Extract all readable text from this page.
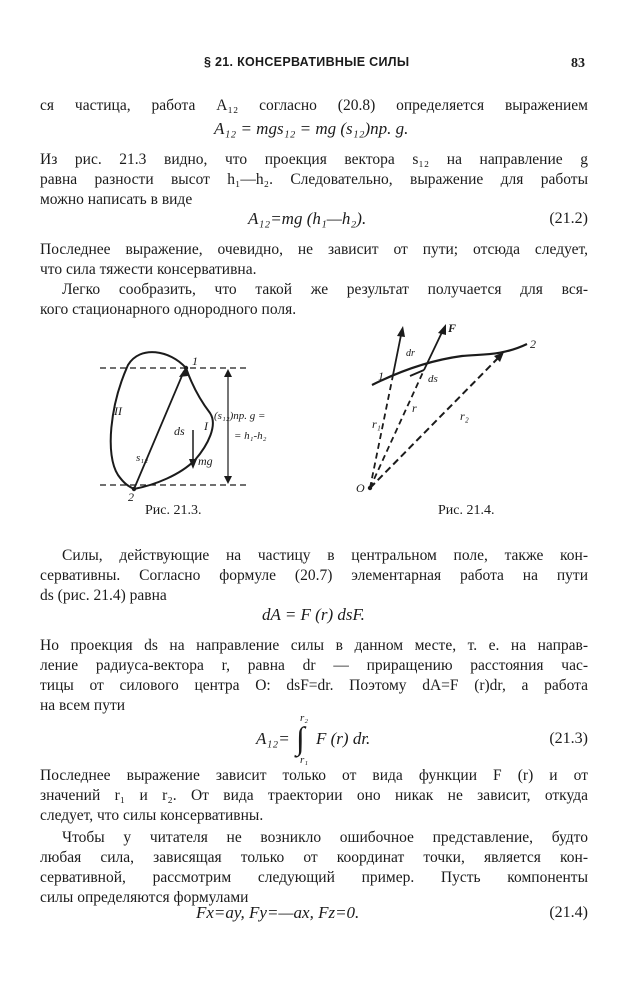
§ 21. КОНСЕРВАТИВНЫЕ СИЛЫ	83
ся частица, работа A₁₂ согласно (20.8) определяется выражением
A₁₂ = mgs₁₂ = mg (s₁₂)пр. g.
Из рис. 21.3 видно, что проекция вектора s₁₂ на направление g
равна разности высот h₁—h₂. Следовательно, выражение для работы
можно написать в виде
A₁₂=mg (h₁—h₂).	(21.2)
Последнее выражение, очевидно, не зависит от пути; отсюда следует,
что сила тяжести консервативна.
Легко сообразить, что такой же результат получается для вся-
кого стационарного однородного поля.
1
2
II
I
ds
s₁₂	mg
(s₁₂)пр. g =
= h₁-h₂
Рис. 21.3.
F
dr
ds
r
r₁
r₂
O
1
2
Рис. 21.4.
Силы, действующие на частицу в центральном поле, также кон-
сервативны. Согласно формуле (20.7) элементарная работа на пути
ds (рис. 21.4) равна
dA = F (r) dsF.
Но проекция ds на направление силы в данном месте, т. е. на направ-
ление радиуса-вектора r, равна dr — приращению расстояния час-
тицы от силового центра O: dsF=dr. Поэтому dA=F (r)dr, а работа
на всем пути
A₁₂=
r₂
∫
r₁
F (r) dr.	(21.3)
Последнее выражение зависит только от вида функции F (r) и от
значений r₁ и r₂. От вида траектории оно никак не зависит, откуда
следует, что силы консервативны.
Чтобы у читателя не возникло ошибочное представление, будто
любая сила, зависящая только от координат точки, является кон-
сервативной, рассмотрим следующий пример. Пусть компоненты
силы определяются формулами
Fx=ay, Fy=—ax, Fz=0.	(21.4)
